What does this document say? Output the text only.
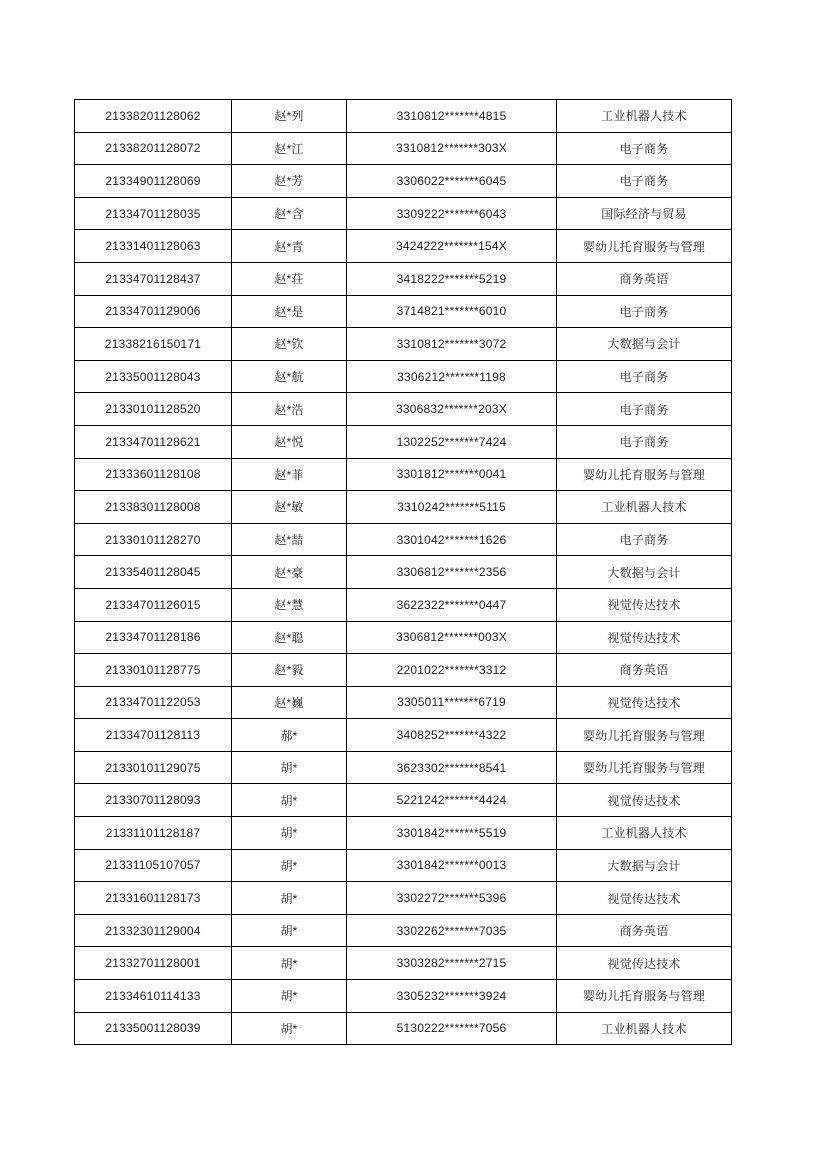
21338201128062	赵*列	3310812*******4815	工业机器人技术
21338201128072	赵*江	3310812*******303X	电子商务
21334901128069	赵*芳	3306022*******6045	电子商务
21334701128035	赵*含	3309222*******6043	国际经济与贸易
21331401128063	赵*青	3424222*******154X	婴幼儿托育服务与管理
21334701128437	赵*荘	3418222*******5219	商务英语
21334701129006	赵*是	3714821*******6010	电子商务
21338216150171	赵*钦	3310812*******3072	大数据与会计
21335001128043	赵*航	3306212*******1198	电子商务
21330101128520	赵*浩	3306832*******203X	电子商务
21334701128621	赵*悦	1302252*******7424	电子商务
21333601128108	赵*菲	3301812*******0041	婴幼儿托育服务与管理
21338301128008	赵*敏	3310242*******5115	工业机器人技术
21330101128270	赵*喆	3301042*******1626	电子商务
21335401128045	赵*豪	3306812*******2356	大数据与会计
21334701126015	赵*慧	3622322*******0447	视觉传达技术
21334701128186	赵*聪	3306812*******003X	视觉传达技术
21330101128775	赵*毅	2201022*******3312	商务英语
21334701122053	赵*巍	3305011*******6719	视觉传达技术
21334701128113	郝*	3408252*******4322	婴幼儿托育服务与管理
21330101129075	胡*	3623302*******8541	婴幼儿托育服务与管理
21330701128093	胡*	5221242*******4424	视觉传达技术
21331101128187	胡*	3301842*******5519	工业机器人技术
21331105107057	胡*	3301842*******0013	大数据与会计
21331601128173	胡*	3302272*******5396	视觉传达技术
21332301129004	胡*	3302262*******7035	商务英语
21332701128001	胡*	3303282*******2715	视觉传达技术
21334610114133	胡*	3305232*******3924	婴幼儿托育服务与管理
21335001128039	胡*	5130222*******7056	工业机器人技术
